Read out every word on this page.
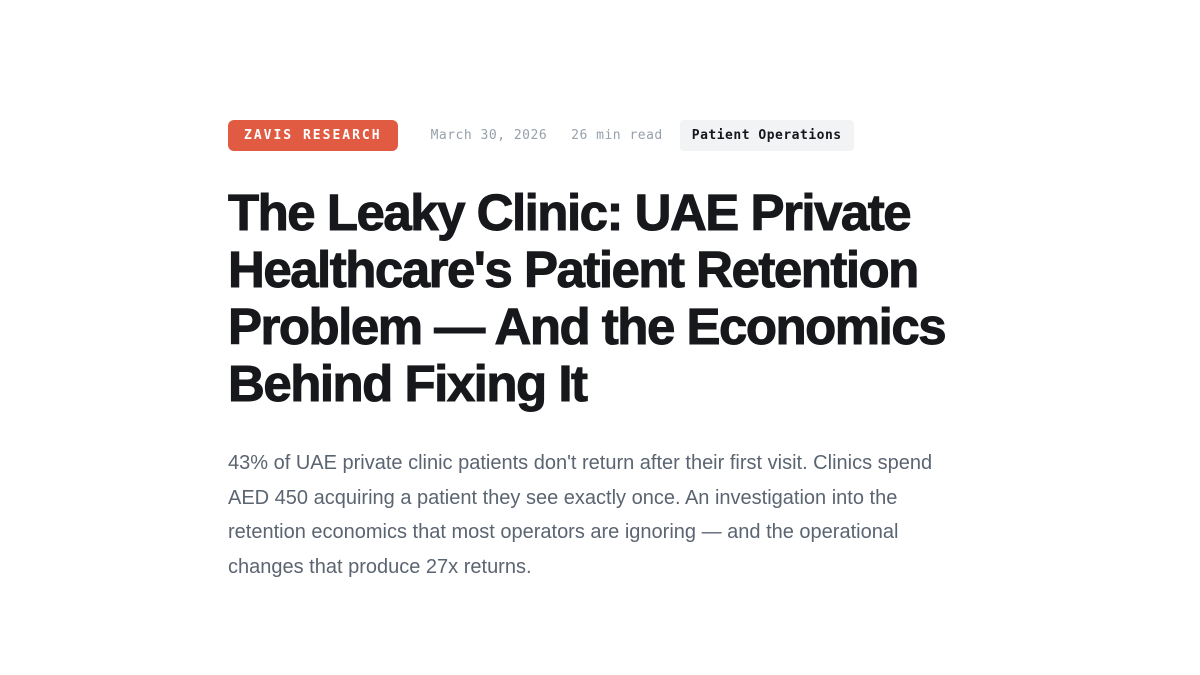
ZAVIS RESEARCH	March 30, 2026 26 min read	Patient Operations
The Leaky Clinic: UAE Private
Healthcare's Patient Retention
Problem — And the Economics
Behind Fixing It

43% of UAE private clinic patients don't return after their first visit. Clinics spend AED 450 acquiring a patient they see exactly once. An investigation into the retention economics that most operators are ignoring — and the operational changes that produce 27x returns.
